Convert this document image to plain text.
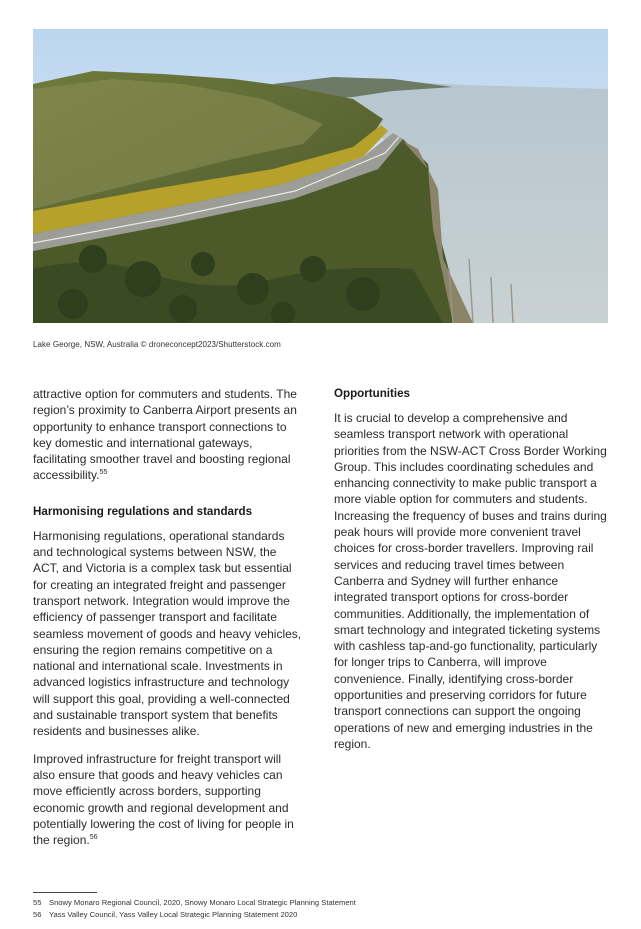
Lake George, NSW, Australia © droneconcept2023/Shutterstock.com

attractive option for commuters and students. The region’s proximity to Canberra Airport presents an opportunity to enhance transport connections to key domestic and international gateways, facilitating smoother travel and boosting regional accessibility.$^{55}$

Harmonising regulations and standards

Harmonising regulations, operational standards and technological systems between NSW, the ACT, and Victoria is a complex task but essential for creating an integrated freight and passenger transport network. Integration would improve the efficiency of passenger transport and facilitate seamless movement of goods and heavy vehicles, ensuring the region remains competitive on a national and international scale. Investments in advanced logistics infrastructure and technology will support this goal, providing a well-connected and sustainable transport system that benefits residents and businesses alike.

Improved infrastructure for freight transport will also ensure that goods and heavy vehicles can move efficiently across borders, supporting economic growth and regional development and potentially lowering the cost of living for people in the region.$^{56}$

Opportunities

It is crucial to develop a comprehensive and seamless transport network with operational priorities from the NSW-ACT Cross Border Working Group. This includes coordinating schedules and enhancing connectivity to make public transport a more viable option for commuters and students. Increasing the frequency of buses and trains during peak hours will provide more convenient travel choices for cross-border travellers. Improving rail services and reducing travel times between Canberra and Sydney will further enhance integrated transport options for cross-border communities. Additionally, the implementation of smart technology and integrated ticketing systems with cashless tap-and-go functionality, particularly for longer trips to Canberra, will improve convenience. Finally, identifying cross-border opportunities and preserving corridors for future transport connections can support the ongoing operations of new and emerging industries in the region.

55 Snowy Monaro Regional Council, 2020, Snowy Monaro Local Strategic Planning Statement
56 Yass Valley Council, Yass Valley Local Strategic Planning Statement 2020
